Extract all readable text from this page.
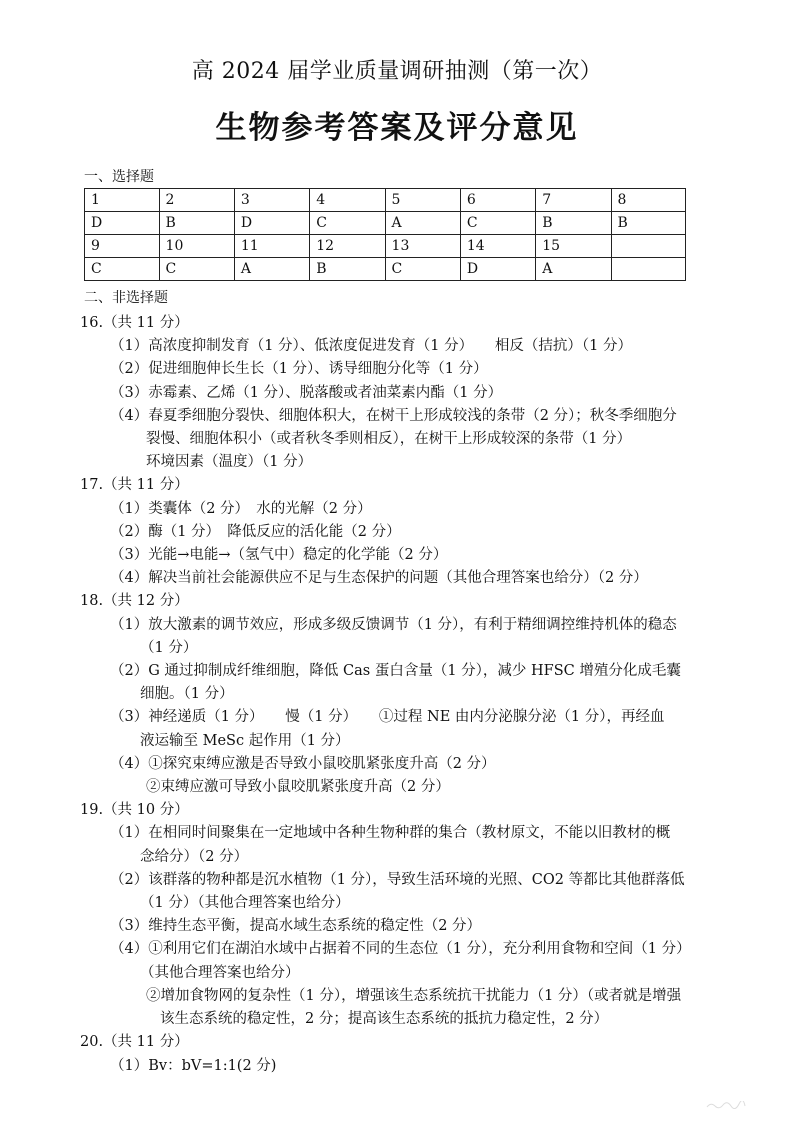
高 2024 届学业质量调研抽测（第一次）
生物参考答案及评分意见
一、选择题
1	2	3	4	5	6	7	8
D	B	D	C	A	C	B	B
9	10	11	12	13	14	15	
C	C	A	B	C	D	A	
二、非选择题

16.（共 11 分）

（1）高浓度抑制发育（1 分）、低浓度促进发育（1 分）　　相反（拮抗）（1 分）

（2）促进细胞伸长生长（1 分）、诱导细胞分化等（1 分）

（3）赤霉素、乙烯（1 分）、脱落酸或者油菜素内酯（1 分）

（4）春夏季细胞分裂快、细胞体积大，在树干上形成较浅的条带（2 分）；秋冬季细胞分

裂慢、细胞体积小（或者秋冬季则相反），在树干上形成较深的条带（1 分）

环境因素（温度）（1 分）

17.（共 11 分）

（1）类囊体（2 分）　水的光解（2 分）

（2）酶（1 分）　降低反应的活化能（2 分）

（3）光能→电能→（氢气中）稳定的化学能（2 分）

（4）解决当前社会能源供应不足与生态保护的问题（其他合理答案也给分）（2 分）

18.（共 12 分）

（1）放大激素的调节效应，形成多级反馈调节（1 分），有利于精细调控维持机体的稳态

（1 分）

（2）G 通过抑制成纤维细胞，降低 Cas 蛋白含量（1 分），减少 HFSC 增殖分化成毛囊

细胞。（1 分）

（3）神经递质（1 分）　　慢（1 分）　　①过程 NE 由内分泌腺分泌（1 分），再经血

液运输至 MeSc 起作用（1 分）

（4）①探究束缚应激是否导致小鼠咬肌紧张度升高（2 分）

②束缚应激可导致小鼠咬肌紧张度升高（2 分）

19.（共 10 分）

（1）在相同时间聚集在一定地域中各种生物种群的集合（教材原文，不能以旧教材的概

念给分）（2 分）

（2）该群落的物种都是沉水植物（1 分），导致生活环境的光照、CO2 等都比其他群落低

（1 分）（其他合理答案也给分）

（3）维持生态平衡，提高水域生态系统的稳定性（2 分）

（4）①利用它们在湖泊水域中占据着不同的生态位（1 分），充分利用食物和空间（1 分）

（其他合理答案也给分）

②增加食物网的复杂性（1 分），增强该生态系统抗干扰能力（1 分）（或者就是增强

该生态系统的稳定性，2 分；提高该生态系统的抵抗力稳定性，2 分）

20.（共 11 分）

（1）Bv：bV=1:1(2 分)
